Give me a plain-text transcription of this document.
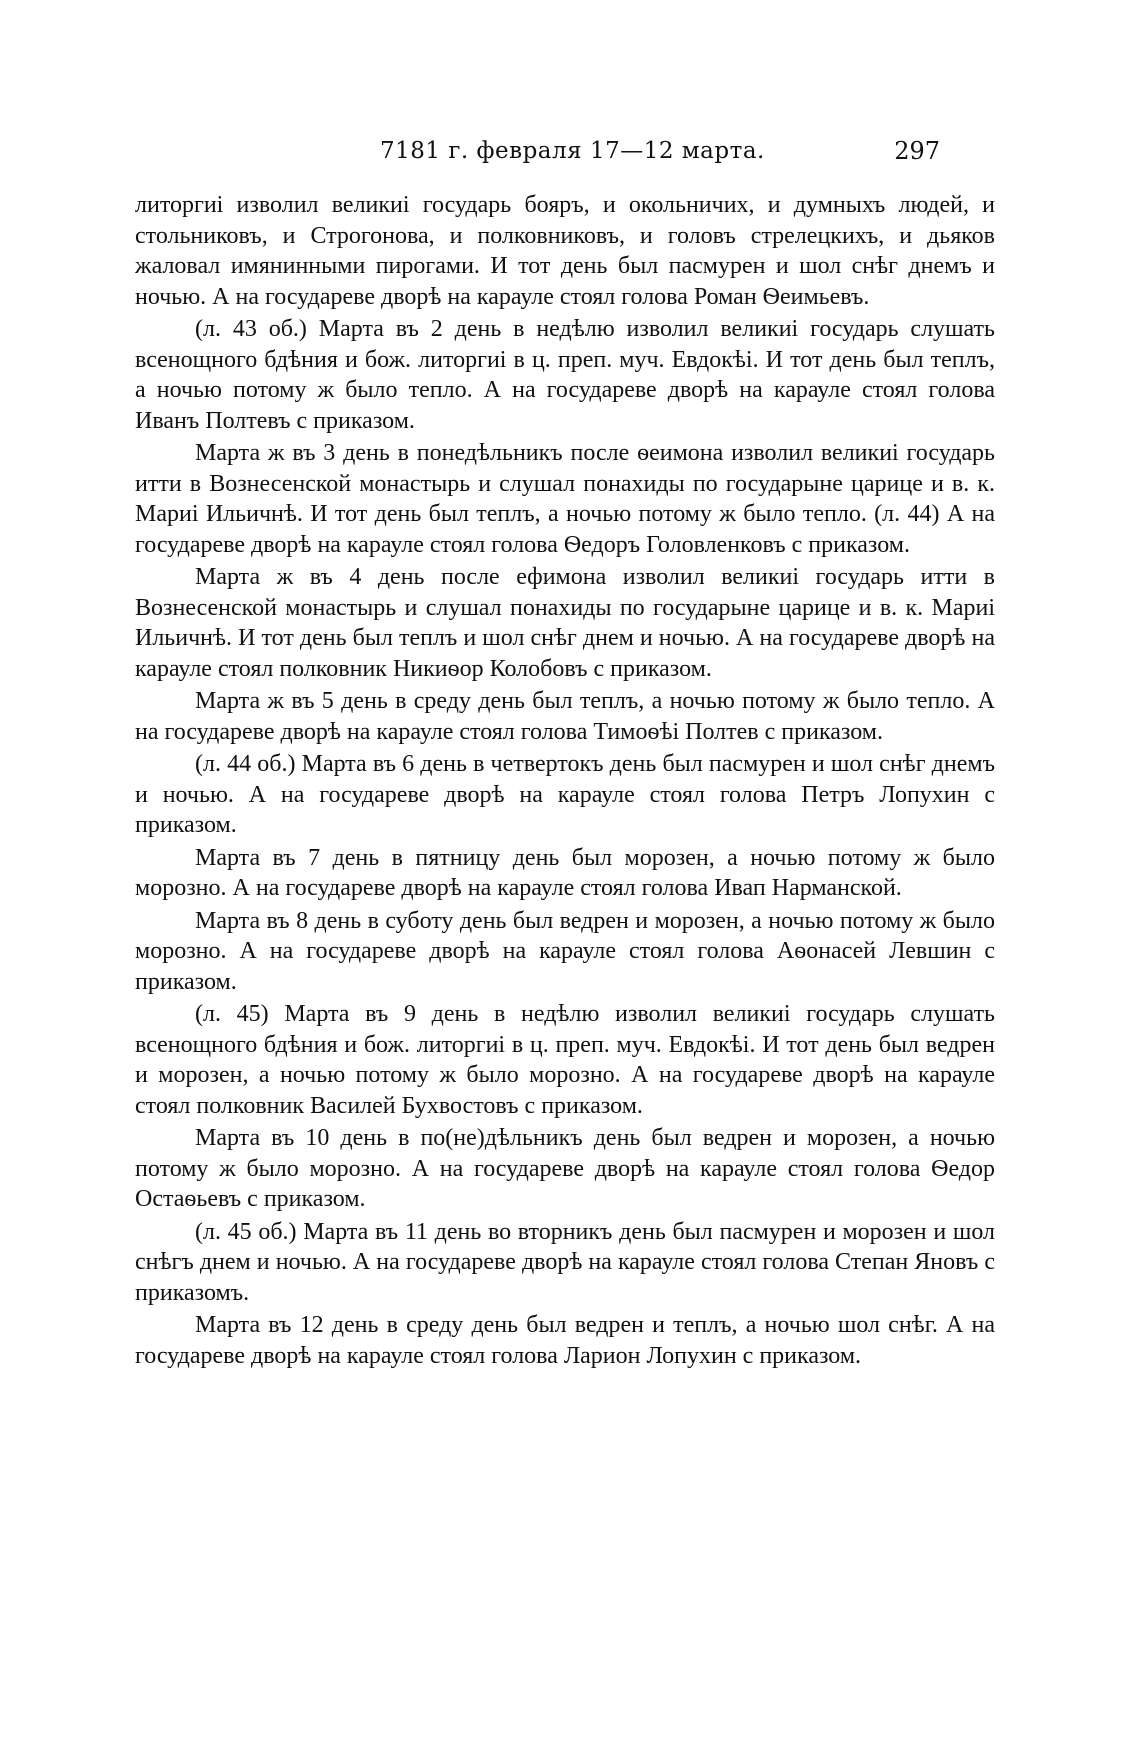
7181 г. февраля 17—12 марта.	297

литоргиі изволил великиі государь бояръ, и окольничих, и думныхъ людей, и стольниковъ, и Строгонова, и полковниковъ, и головъ стрелецкихъ, и дьяков жаловал имянинными пирогами. И тот день был пасмурен и шол снѣг днемъ и ночью. А на государеве дворѣ на карауле стоял голова Роман Ѳеимьевъ.

(л. 43 об.) Марта въ 2 день в недѣлю изволил великиі государь слушать всенощного бдѣния и бож. литоргиі в ц. преп. муч. Евдокѣі. И тот день был теплъ, а ночью потому ж было тепло. А на государеве дворѣ на карауле стоял голова Иванъ Полтевъ с приказом.

Марта ж въ 3 день в понедѣльникъ после ѳеимона изволил великиі государь итти в Вознесенской монастырь и слушал понахиды по государыне царице и в. к. Мариі Ильичнѣ. И тот день был теплъ, а ночью потому ж было тепло. (л. 44) А на государеве дворѣ на карауле стоял голова Ѳедоръ Головленковъ с приказом.

Марта ж въ 4 день после ефимона изволил великиі государь итти в Вознесенской монастырь и слушал понахиды по государыне царице и в. к. Мариі Ильичнѣ. И тот день был теплъ и шол снѣг днем и ночью. А на государеве дворѣ на карауле стоял полковник Никиѳор Колобовъ с приказом.

Марта ж въ 5 день в среду день был теплъ, а ночью потому ж было тепло. А на государеве дворѣ на карауле стоял голова Тимоѳѣі Полтев с приказом.

(л. 44 об.) Марта въ 6 день в четвертокъ день был пасмурен и шол снѣг днемъ и ночью. А на государеве дворѣ на карауле стоял голова Петръ Лопухин с приказом.

Марта въ 7 день в пятницу день был морозен, а ночью потому ж было морозно. А на государеве дворѣ на карауле стоял голова Ивап Нарманской.

Марта въ 8 день в суботу день был ведрен и морозен, а ночью потому ж было морозно. А на государеве дворѣ на карауле стоял голова Аѳонасей Левшин с приказом.

(л. 45) Марта въ 9 день в недѣлю изволил великиі государь слушать всенощного бдѣния и бож. литоргиі в ц. преп. муч. Евдокѣі. И тот день был ведрен и морозен, а ночью потому ж было морозно. А на государеве дворѣ на карауле стоял полковник Василей Бухвостовъ с приказом.

Марта въ 10 день в по(не)дѣльникъ день был ведрен и морозен, а ночью потому ж было морозно. А на государеве дворѣ на карауле стоял голова Ѳедор Остаѳьевъ с приказом.

(л. 45 об.) Марта въ 11 день во вторникъ день был пасмурен и морозен и шол снѣгъ днем и ночью. А на государеве дворѣ на карауле стоял голова Степан Яновъ с приказомъ.

Марта въ 12 день в среду день был ведрен и теплъ, а ночью шол снѣг. А на государеве дворѣ на карауле стоял голова Ларион Лопухин с приказом.
